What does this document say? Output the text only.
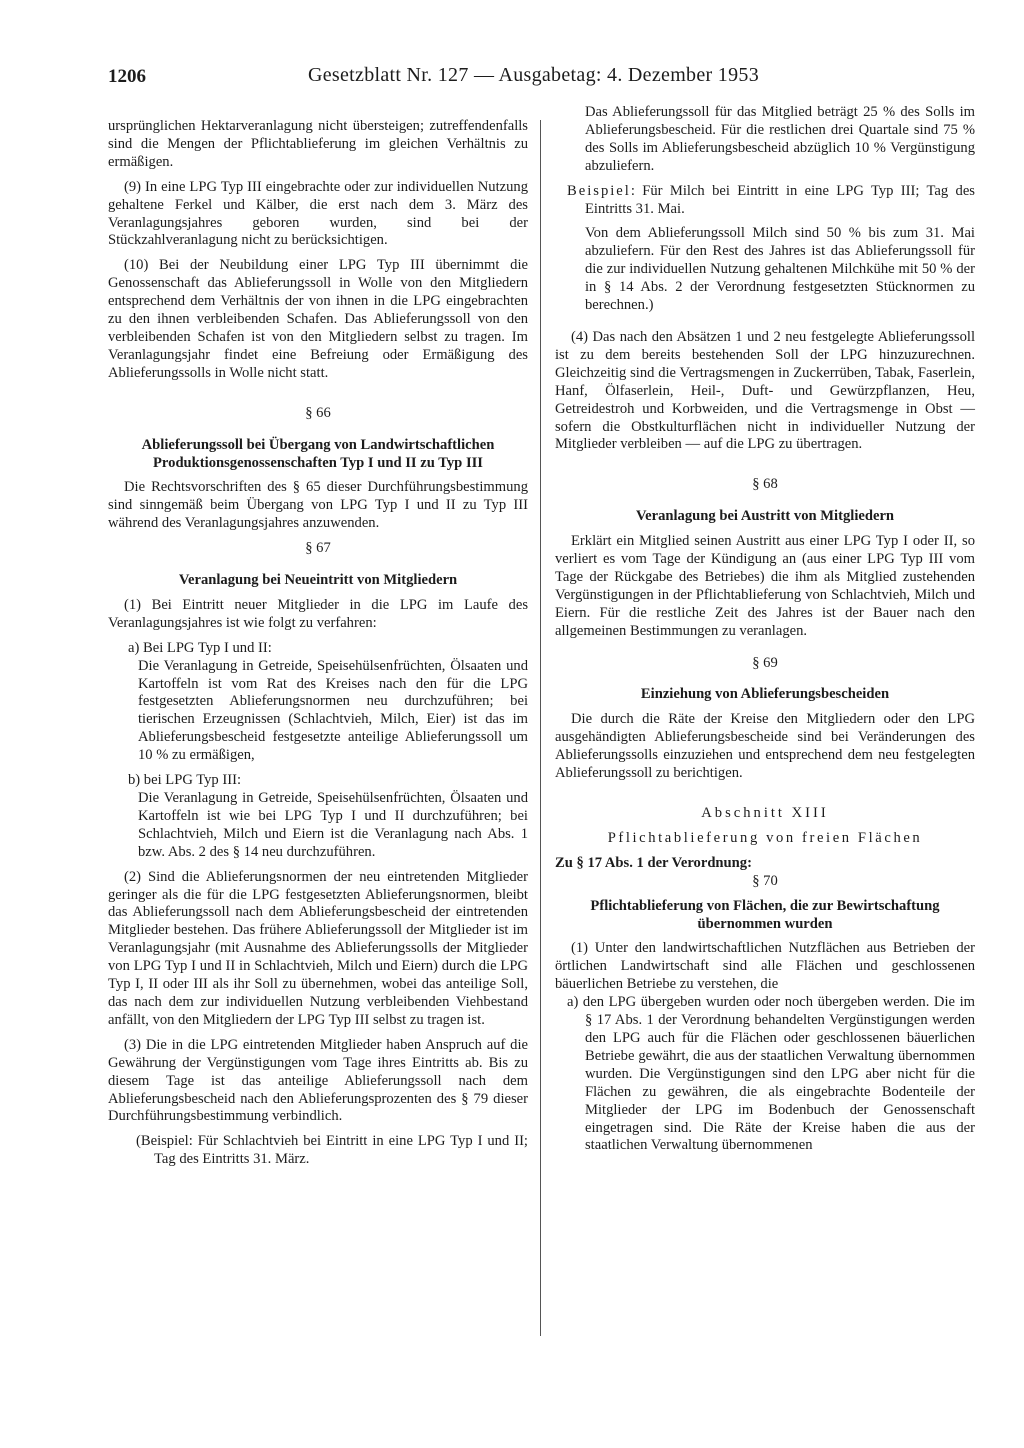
1206	Gesetzblatt Nr. 127 — Ausgabetag: 4. Dezember 1953

ursprünglichen Hektarveranlagung nicht übersteigen; zutreffendenfalls sind die Mengen der Pflichtablieferung im gleichen Verhältnis zu ermäßigen.

(9) In eine LPG Typ III eingebrachte oder zur individuellen Nutzung gehaltene Ferkel und Kälber, die erst nach dem 3. März des Veranlagungsjahres geboren wurden, sind bei der Stückzahlveranlagung nicht zu berücksichtigen.

(10) Bei der Neubildung einer LPG Typ III übernimmt die Genossenschaft das Ablieferungssoll in Wolle von den Mitgliedern entsprechend dem Verhältnis der von ihnen in die LPG eingebrachten zu den ihnen verbleibenden Schafen. Das Ablieferungssoll von den verbleibenden Schafen ist von den Mitgliedern selbst zu tragen. Im Veranlagungsjahr findet eine Befreiung oder Ermäßigung des Ablieferungssolls in Wolle nicht statt.

§ 66

Ablieferungssoll bei Übergang von Landwirtschaftlichen Produktionsgenossenschaften Typ I und II zu Typ III

Die Rechtsvorschriften des § 65 dieser Durchführungsbestimmung sind sinngemäß beim Übergang von LPG Typ I und II zu Typ III während des Veranlagungsjahres anzuwenden.

§ 67

Veranlagung bei Neueintritt von Mitgliedern

(1) Bei Eintritt neuer Mitglieder in die LPG im Laufe des Veranlagungsjahres ist wie folgt zu verfahren:

a) Bei LPG Typ I und II:

Die Veranlagung in Getreide, Speisehülsenfrüchten, Ölsaaten und Kartoffeln ist vom Rat des Kreises nach den für die LPG festgesetzten Ablieferungsnormen neu durchzuführen; bei tierischen Erzeugnissen (Schlachtvieh, Milch, Eier) ist das im Ablieferungsbescheid festgesetzte anteilige Ablieferungssoll um 10 % zu ermäßigen,

b) bei LPG Typ III:

Die Veranlagung in Getreide, Speisehülsenfrüchten, Ölsaaten und Kartoffeln ist wie bei LPG Typ I und II durchzuführen; bei Schlachtvieh, Milch und Eiern ist die Veranlagung nach Abs. 1 bzw. Abs. 2 des § 14 neu durchzuführen.

(2) Sind die Ablieferungsnormen der neu eintretenden Mitglieder geringer als die für die LPG festgesetzten Ablieferungsnormen, bleibt das Ablieferungssoll nach dem Ablieferungsbescheid der eintretenden Mitglieder bestehen. Das frühere Ablieferungssoll der Mitglieder ist im Veranlagungsjahr (mit Ausnahme des Ablieferungssolls der Mitglieder von LPG Typ I und II in Schlachtvieh, Milch und Eiern) durch die LPG Typ I, II oder III als ihr Soll zu übernehmen, wobei das anteilige Soll, das nach dem zur individuellen Nutzung verbleibenden Viehbestand anfällt, von den Mitgliedern der LPG Typ III selbst zu tragen ist.

(3) Die in die LPG eintretenden Mitglieder haben Anspruch auf die Gewährung der Vergünstigungen vom Tage ihres Eintritts ab. Bis zu diesem Tage ist das anteilige Ablieferungssoll nach dem Ablieferungsbescheid nach den Ablieferungsprozenten des § 79 dieser Durchführungsbestimmung verbindlich.

(Beispiel: Für Schlachtvieh bei Eintritt in eine LPG Typ I und II; Tag des Eintritts 31. März.

Das Ablieferungssoll für das Mitglied beträgt 25 % des Solls im Ablieferungsbescheid. Für die restlichen drei Quartale sind 75 % des Solls im Ablieferungsbescheid abzüglich 10 % Vergünstigung abzuliefern.

Beispiel: Für Milch bei Eintritt in eine LPG Typ III; Tag des Eintritts 31. Mai.

Von dem Ablieferungssoll Milch sind 50 % bis zum 31. Mai abzuliefern. Für den Rest des Jahres ist das Ablieferungssoll für die zur individuellen Nutzung gehaltenen Milchkühe mit 50 % der in § 14 Abs. 2 der Verordnung festgesetzten Stücknormen zu berechnen.)

(4) Das nach den Absätzen 1 und 2 neu festgelegte Ablieferungssoll ist zu dem bereits bestehenden Soll der LPG hinzuzurechnen. Gleichzeitig sind die Vertragsmengen in Zuckerrüben, Tabak, Faserlein, Hanf, Ölfaserlein, Heil-, Duft- und Gewürzpflanzen, Heu, Getreidestroh und Korbweiden, und die Vertragsmenge in Obst — sofern die Obstkulturflächen nicht in individueller Nutzung der Mitglieder verbleiben — auf die LPG zu übertragen.

§ 68

Veranlagung bei Austritt von Mitgliedern

Erklärt ein Mitglied seinen Austritt aus einer LPG Typ I oder II, so verliert es vom Tage der Kündigung an (aus einer LPG Typ III vom Tage der Rückgabe des Betriebes) die ihm als Mitglied zustehenden Vergünstigungen in der Pflichtablieferung von Schlachtvieh, Milch und Eiern. Für die restliche Zeit des Jahres ist der Bauer nach den allgemeinen Bestimmungen zu veranlagen.

§ 69

Einziehung von Ablieferungsbescheiden

Die durch die Räte der Kreise den Mitgliedern oder den LPG ausgehändigten Ablieferungsbescheide sind bei Veränderungen des Ablieferungssolls einzuziehen und entsprechend dem neu festgelegten Ablieferungssoll zu berichtigen.

Abschnitt XIII

Pflichtablieferung von freien Flächen

Zu § 17 Abs. 1 der Verordnung:

§ 70

Pflichtablieferung von Flächen, die zur Bewirtschaftung übernommen wurden

(1) Unter den landwirtschaftlichen Nutzflächen aus Betrieben der örtlichen Landwirtschaft sind alle Flächen und geschlossenen bäuerlichen Betriebe zu verstehen, die

a) den LPG übergeben wurden oder noch übergeben werden. Die im § 17 Abs. 1 der Verordnung behandelten Vergünstigungen werden den LPG auch für die Flächen oder geschlossenen bäuerlichen Betriebe gewährt, die aus der staatlichen Verwaltung übernommen wurden. Die Vergünstigungen sind den LPG aber nicht für die Flächen zu gewähren, die als eingebrachte Bodenteile der Mitglieder der LPG im Bodenbuch der Genossenschaft eingetragen sind. Die Räte der Kreise haben die aus der staatlichen Verwaltung übernommenen
